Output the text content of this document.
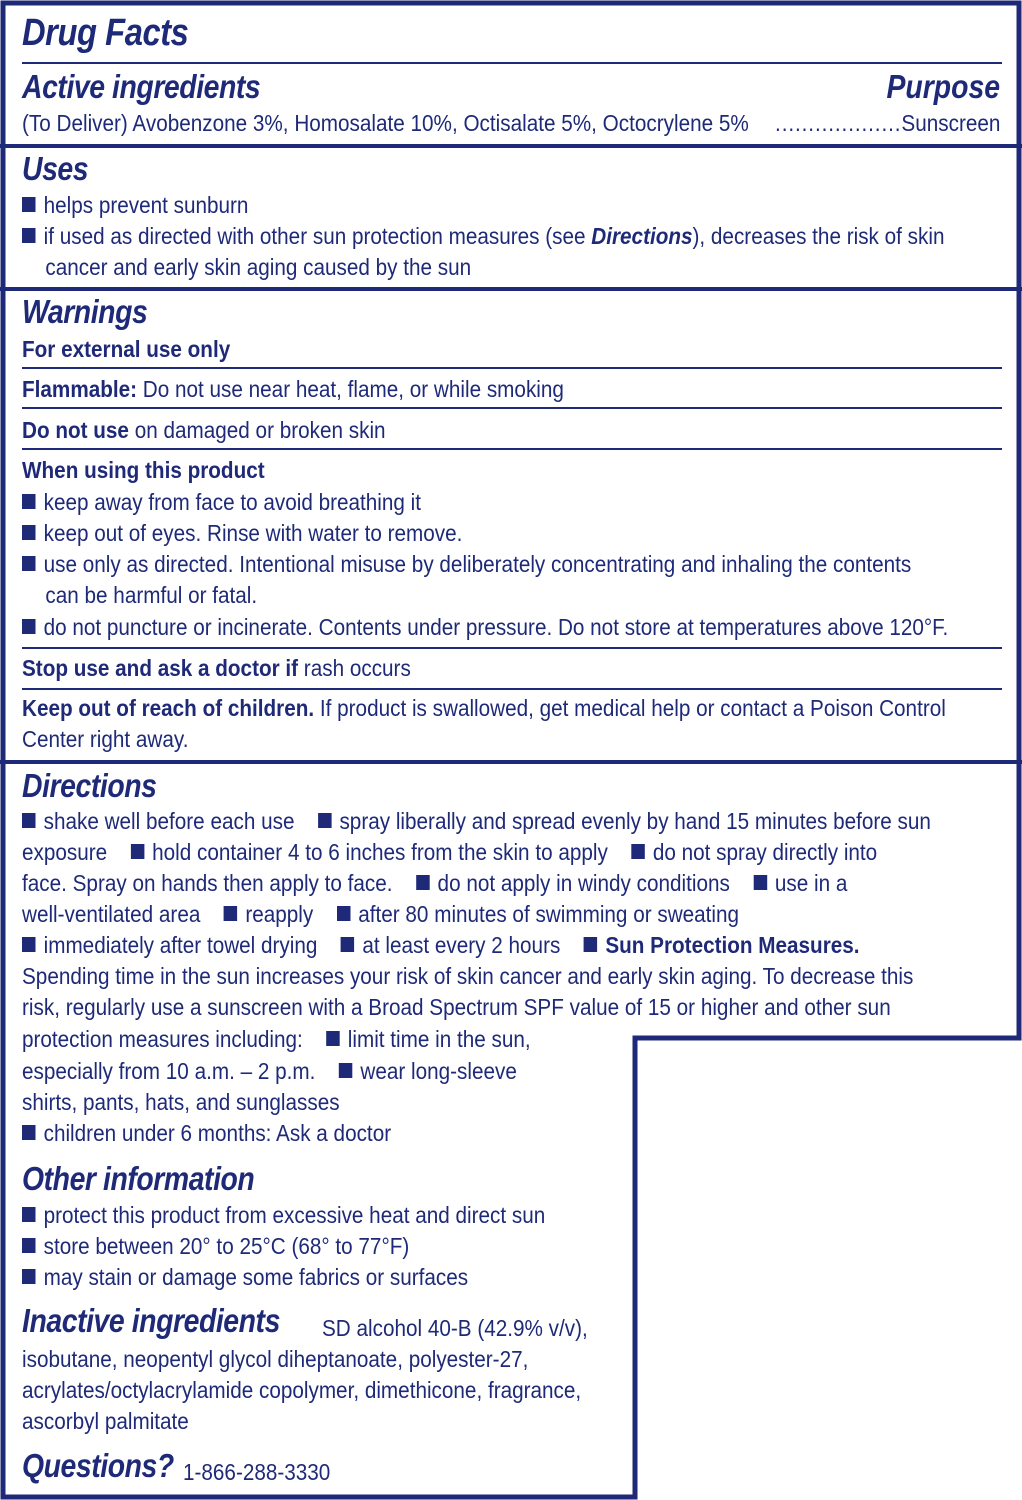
Drug Facts
Active ingredients	Purpose
(To Deliver) Avobenzone 3%, Homosalate 10%, Octisalate 5%, Octocrylene 5% ...................Sunscreen
Uses
helps prevent sunburn
if used as directed with other sun protection measures (see Directions), decreases the risk of skin
cancer and early skin aging caused by the sun
Warnings
For external use only
Flammable: Do not use near heat, flame, or while smoking
Do not use on damaged or broken skin
When using this product
keep away from face to avoid breathing it
keep out of eyes. Rinse with water to remove.
use only as directed. Intentional misuse by deliberately concentrating and inhaling the contents
can be harmful or fatal.
do not puncture or incinerate. Contents under pressure. Do not store at temperatures above 120°F.
Stop use and ask a doctor if rash occurs
Keep out of reach of children. If product is swallowed, get medical help or contact a Poison Control
Center right away.
Directions
shake well before each use spray liberally and spread evenly by hand 15 minutes before sun
exposure hold container 4 to 6 inches from the skin to apply do not spray directly into
face. Spray on hands then apply to face. do not apply in windy conditions use in a
well-ventilated area reapply after 80 minutes of swimming or sweating
immediately after towel drying at least every 2 hours Sun Protection Measures.
Spending time in the sun increases your risk of skin cancer and early skin aging. To decrease this
risk, regularly use a sunscreen with a Broad Spectrum SPF value of 15 or higher and other sun
protection measures including: limit time in the sun,
especially from 10 a.m. – 2 p.m. wear long-sleeve
shirts, pants, hats, and sunglasses
children under 6 months: Ask a doctor
Other information
protect this product from excessive heat and direct sun
store between 20° to 25°C (68° to 77°F)
may stain or damage some fabrics or surfaces
Inactive ingredients	SD alcohol 40-B (42.9% v/v),
isobutane, neopentyl glycol diheptanoate, polyester-27,
acrylates/octylacrylamide copolymer, dimethicone, fragrance,
ascorbyl palmitate
Questions? 1-866-288-3330
